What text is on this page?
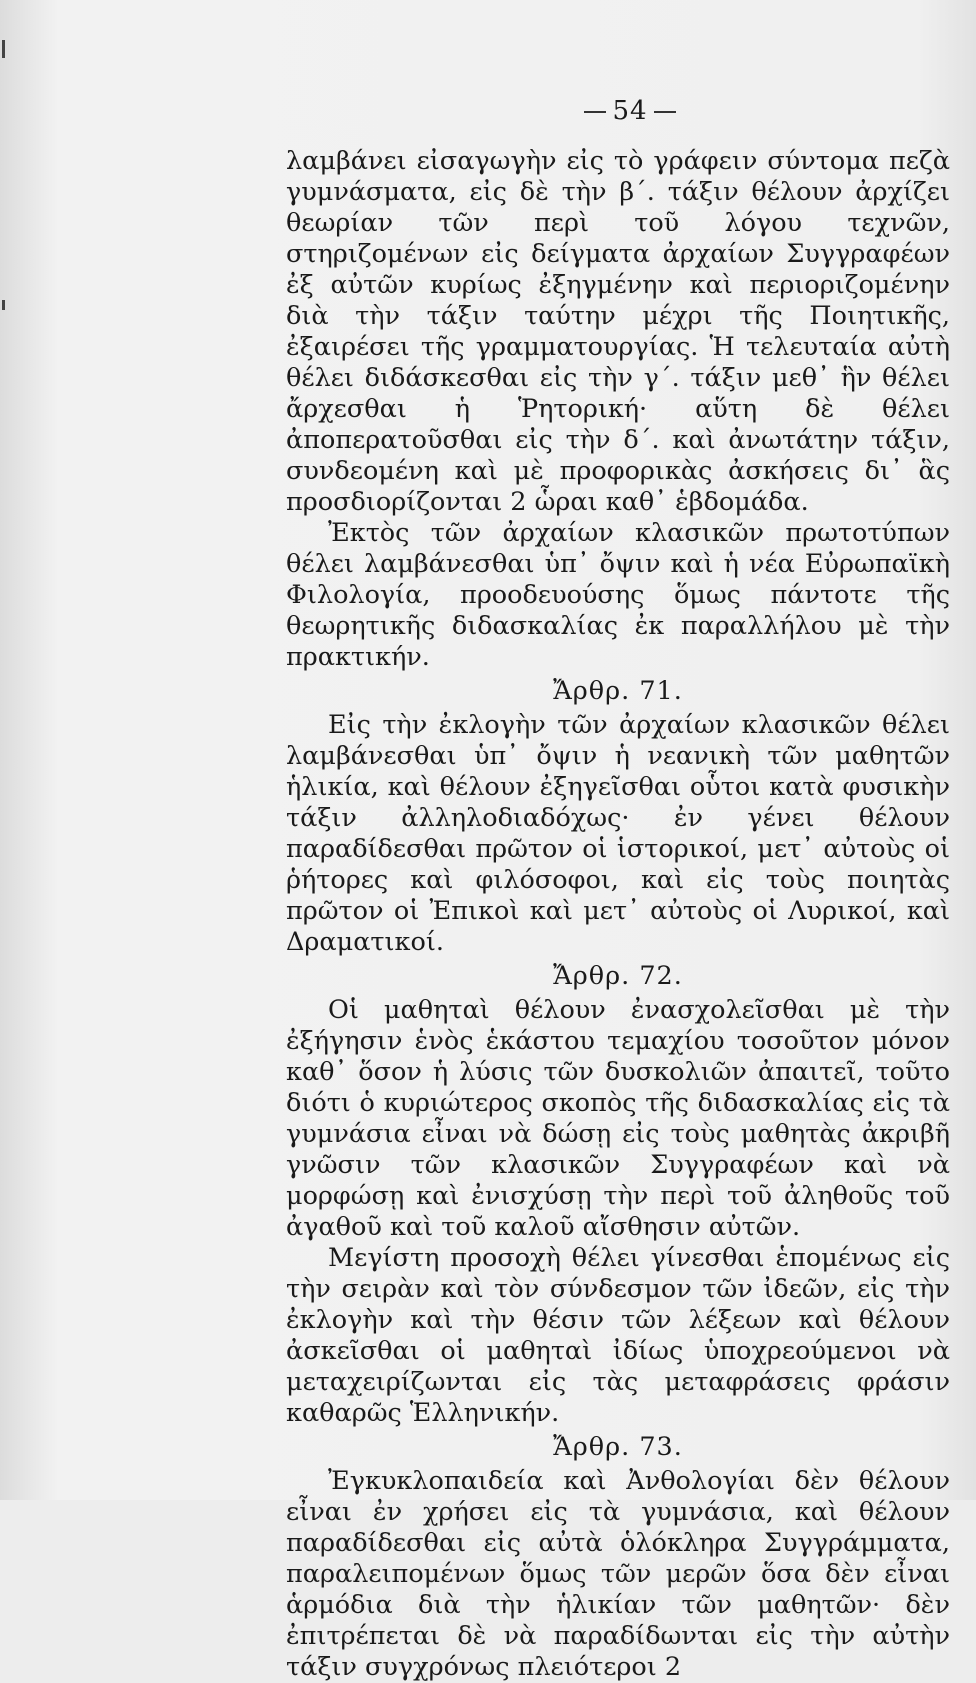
54

λαμβάνει εἰσαγωγὴν εἰς τὸ γράφειν σύντομα πεζὰ γυμνάσματα, εἰς δὲ τὴν β΄. τάξιν θέλουν ἀρχίζει θεωρίαν τῶν περὶ τοῦ λόγου τεχνῶν, στηριζομένων εἰς δείγματα ἀρχαίων Συγγραφέων ἐξ αὐτῶν κυρίως ἐξηγμένην καὶ περιοριζομένην διὰ τὴν τάξιν ταύτην μέχρι τῆς Ποιητικῆς, ἐξαιρέσει τῆς γραμματουργίας. Ἡ τελευταία αὐτὴ θέλει διδάσκεσθαι εἰς τὴν γ΄. τάξιν μεθ᾿ ἣν θέλει ἄρχεσθαι ἡ Ῥητορική· αὕτη δὲ θέλει ἀποπερατοῦσθαι εἰς τὴν δ΄. καὶ ἀνωτάτην τάξιν, συνδεομένη καὶ μὲ προφορικὰς ἀσκήσεις δι᾿ ἃς προσδιορίζονται 2 ὧραι καθ᾿ ἑβδομάδα.

Ἐκτὸς τῶν ἀρχαίων κλασικῶν πρωτοτύπων θέλει λαμβάνεσθαι ὑπ᾿ ὄψιν καὶ ἡ νέα Εὐρωπαϊκὴ Φιλολογία, προοδευούσης ὅμως πάντοτε τῆς θεωρητικῆς διδασκαλίας ἐκ παραλλήλου μὲ τὴν πρακτικήν.

Ἄρθρ. 71.

Εἰς τὴν ἐκλογὴν τῶν ἀρχαίων κλασικῶν θέλει λαμβάνεσθαι ὑπ᾿ ὄψιν ἡ νεανικὴ τῶν μαθητῶν ἡλικία, καὶ θέλουν ἐξηγεῖσθαι οὗτοι κατὰ φυσικὴν τάξιν ἀλληλοδιαδόχως· ἐν γένει θέλουν παραδίδεσθαι πρῶτον οἱ ἱστορικοί, μετ᾿ αὐτοὺς οἱ ῥήτορες καὶ φιλόσοφοι, καὶ εἰς τοὺς ποιητὰς πρῶτον οἱ Ἐπικοὶ καὶ μετ᾿ αὐτοὺς οἱ Λυρικοί, καὶ Δραματικοί.

Ἄρθρ. 72.

Οἱ μαθηταὶ θέλουν ἐνασχολεῖσθαι μὲ τὴν ἐξήγησιν ἑνὸς ἑκάστου τεμαχίου τοσοῦτον μόνον καθ᾿ ὅσον ἡ λύσις τῶν δυσκολιῶν ἀπαιτεῖ, τοῦτο διότι ὁ κυριώτερος σκοπὸς τῆς διδασκαλίας εἰς τὰ γυμνάσια εἶναι νὰ δώσῃ εἰς τοὺς μαθητὰς ἀκριβῆ γνῶσιν τῶν κλασικῶν Συγγραφέων καὶ νὰ μορφώσῃ καὶ ἐνισχύσῃ τὴν περὶ τοῦ ἀληθοῦς τοῦ ἀγαθοῦ καὶ τοῦ καλοῦ αἴσθησιν αὐτῶν.

Μεγίστη προσοχὴ θέλει γίνεσθαι ἑπομένως εἰς τὴν σειρὰν καὶ τὸν σύνδεσμον τῶν ἰδεῶν, εἰς τὴν ἐκλογὴν καὶ τὴν θέσιν τῶν λέξεων καὶ θέλουν ἀσκεῖσθαι οἱ μαθηταὶ ἰδίως ὑποχρεούμενοι νὰ μεταχειρίζωνται εἰς τὰς μεταφράσεις φράσιν καθαρῶς Ἑλληνικήν.

Ἄρθρ. 73.

Ἐγκυκλοπαιδεία καὶ Ἀνθολογίαι δὲν θέλουν εἶναι ἐν χρήσει εἰς τὰ γυμνάσια, καὶ θέλουν παραδίδεσθαι εἰς αὐτὰ ὁλόκληρα Συγγράμματα, παραλειπομένων ὅμως τῶν μερῶν ὅσα δὲν εἶναι ἁρμόδια διὰ τὴν ἡλικίαν τῶν μαθητῶν· δὲν ἐπιτρέπεται δὲ νὰ παραδίδωνται εἰς τὴν αὐτὴν τάξιν συγχρόνως πλειότεροι 2
